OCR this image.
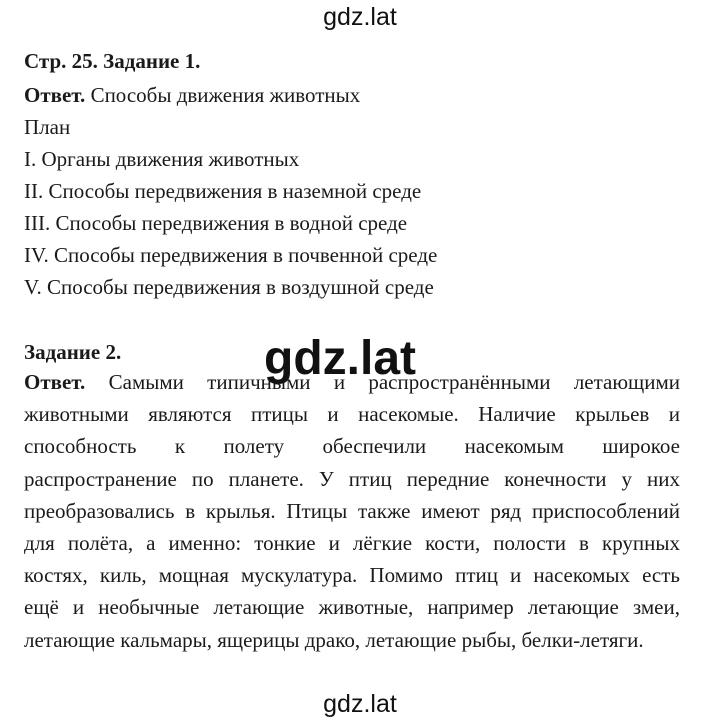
gdz.lat
Стр. 25. Задание 1.
Ответ. Способы движения животных
План
I. Органы движения животных
II. Способы передвижения в наземной среде
III. Способы передвижения в водной среде
IV. Способы передвижения в почвенной среде
V. Способы передвижения в воздушной среде
Задание 2.
Ответ. Самыми типичными и распространёнными летающими
животными являются птицы и насекомые. Наличие крыльев и
способность к полету обеспечили насекомым широкое
распространение по планете. У птиц передние конечности у них
преобразовались в крылья. Птицы также имеют ряд приспособлений
для полёта, а именно: тонкие и лёгкие кости, полости в крупных
костях, киль, мощная мускулатура. Помимо птиц и насекомых есть
ещё и необычные летающие животные, например летающие змеи,
летающие кальмары, ящерицы драко, летающие рыбы, белки-летяги.
gdz.lat
gdz.lat
